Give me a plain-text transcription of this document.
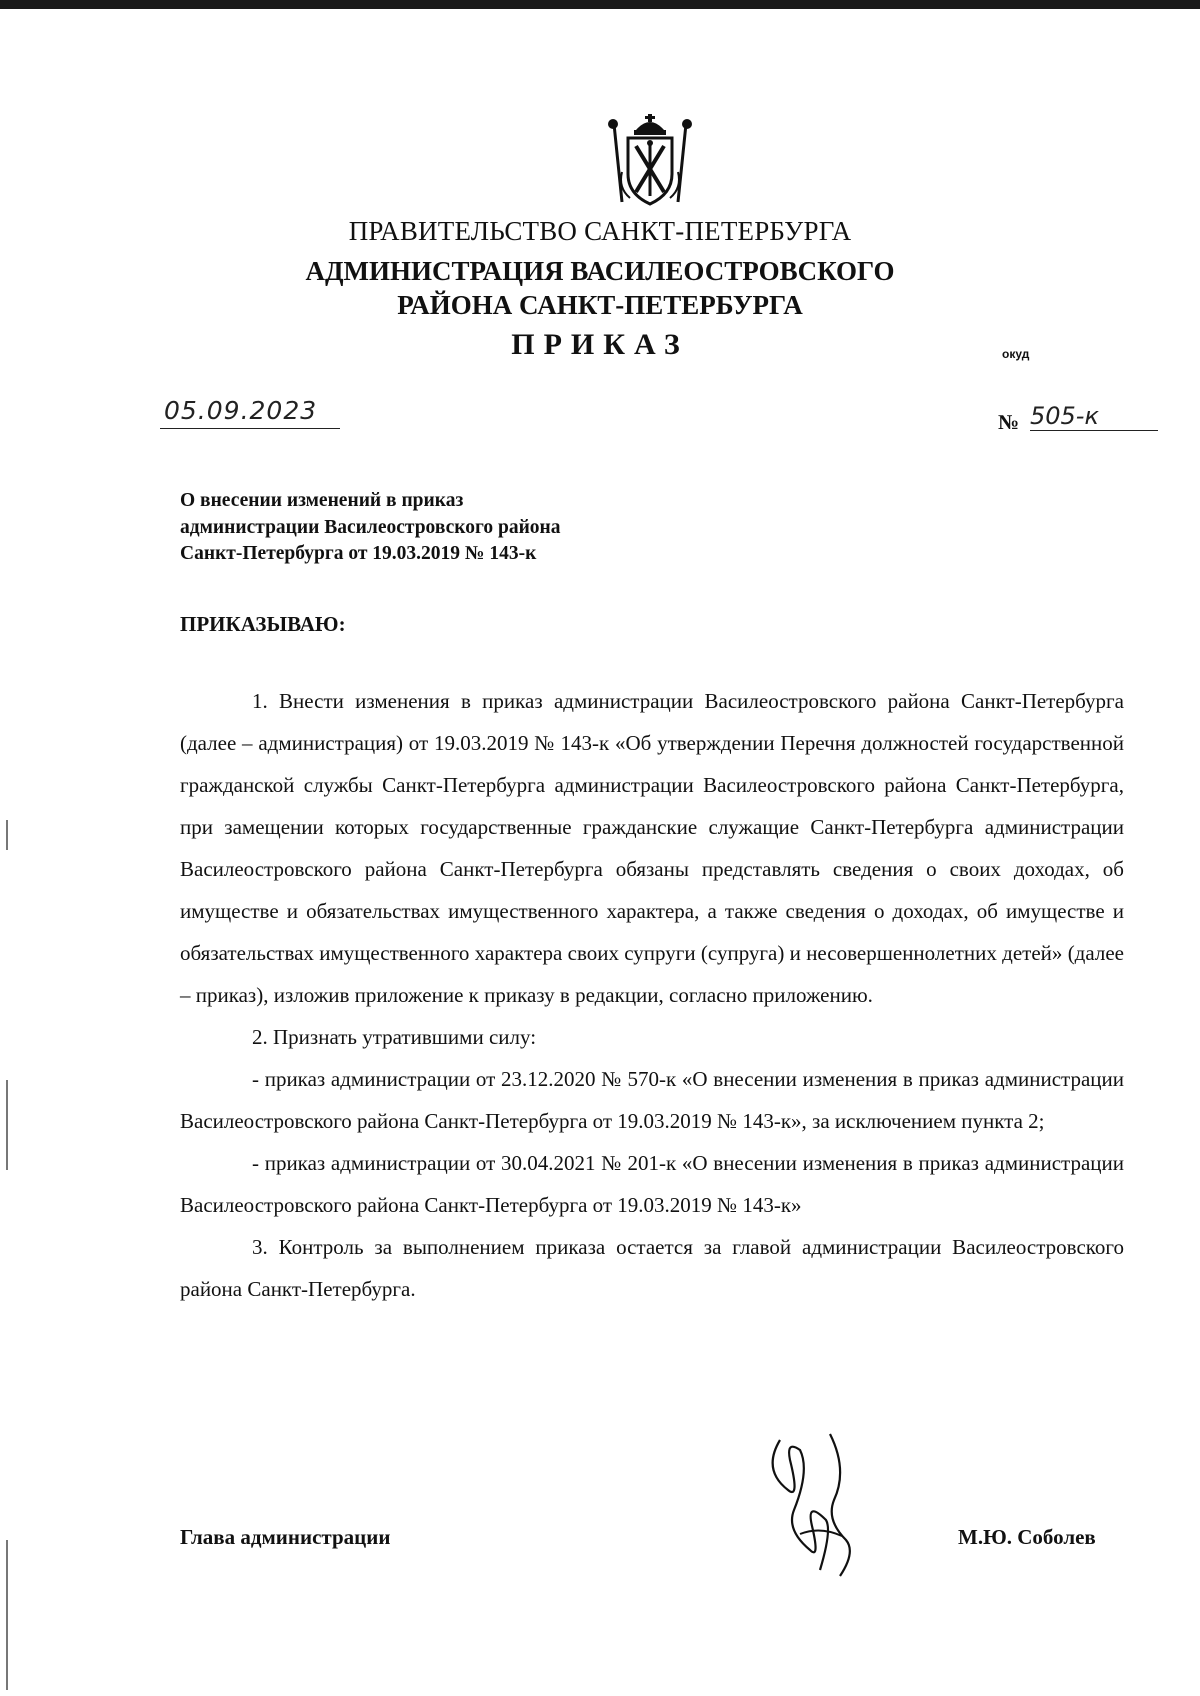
ПРАВИТЕЛЬСТВО САНКТ-ПЕТЕРБУРГА
АДМИНИСТРАЦИЯ ВАСИЛЕОСТРОВСКОГО
РАЙОНА САНКТ-ПЕТЕРБУРГА
ПРИКАЗ	окуд
05.09.2023	№ 505-к
О внесении изменений в приказ
администрации Василеостровского района
Санкт-Петербурга от 19.03.2019 № 143-к
ПРИКАЗЫВАЮ:

1. Внести изменения в приказ администрации Василеостровского района Санкт-Петербурга (далее – администрация) от 19.03.2019 № 143-к «Об утверждении Перечня должностей государственной гражданской службы Санкт-Петербурга администрации Василеостровского района Санкт-Петербурга, при замещении которых государственные гражданские служащие Санкт-Петербурга администрации Василеостровского района Санкт-Петербурга обязаны представлять сведения о своих доходах, об имуществе и обязательствах имущественного характера, а также сведения о доходах, об имуществе и обязательствах имущественного характера своих супруги (супруга) и несовершеннолетних детей» (далее – приказ), изложив приложение к приказу в редакции, согласно приложению.

2. Признать утратившими силу:

- приказ администрации от 23.12.2020 № 570-к «О внесении изменения в приказ администрации Василеостровского района Санкт-Петербурга от 19.03.2019 № 143-к», за исключением пункта 2;

- приказ администрации от 30.04.2021 № 201-к «О внесении изменения в приказ администрации Василеостровского района Санкт-Петербурга от 19.03.2019 № 143-к»

3. Контроль за выполнением приказа остается за главой администрации Василеостровского района Санкт-Петербурга.

Глава администрации	М.Ю. Соболев
